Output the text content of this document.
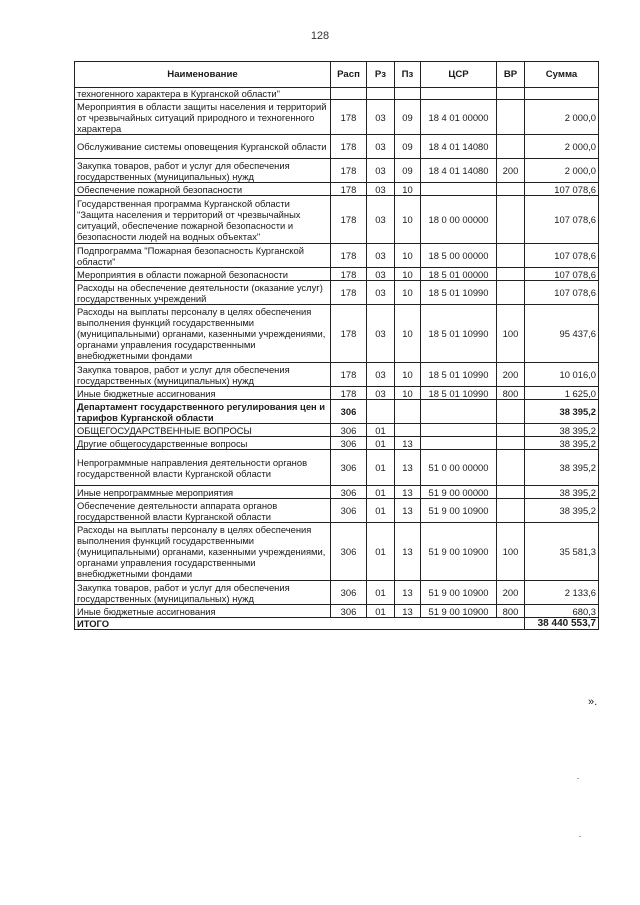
128
Наименование	Расп	Рз	Пз	ЦСР	ВР	Сумма
техногенного характера в Курганской области"						
Мероприятия в области защиты населения и территорий от чрезвычайных ситуаций природного и техногенного характера	178	03	09	18 4 01 00000		2 000,0
Обслуживание системы оповещения Курганской области	178	03	09	18 4 01 14080		2 000,0
Закупка товаров, работ и услуг для обеспечения государственных (муниципальных) нужд	178	03	09	18 4 01 14080	200	2 000,0
Обеспечение пожарной безопасности	178	03	10			107 078,6
Государственная программа Курганской области "Защита населения и территорий от чрезвычайных ситуаций, обеспечение пожарной безопасности и безопасности людей на водных объектах"	178	03	10	18 0 00 00000		107 078,6
Подпрограмма "Пожарная безопасность Курганской области"	178	03	10	18 5 00 00000		107 078,6
Мероприятия в области пожарной безопасности	178	03	10	18 5 01 00000		107 078,6
Расходы на обеспечение деятельности (оказание услуг) государственных учреждений	178	03	10	18 5 01 10990		107 078,6
Расходы на выплаты персоналу в целях обеспечения выполнения функций государственными (муниципальными) органами, казенными учреждениями, органами управления государственными внебюджетными фондами	178	03	10	18 5 01 10990	100	95 437,6
Закупка товаров, работ и услуг для обеспечения государственных (муниципальных) нужд	178	03	10	18 5 01 10990	200	10 016,0
Иные бюджетные ассигнования	178	03	10	18 5 01 10990	800	1 625,0
Департамент государственного регулирования цен и тарифов Курганской области	306					38 395,2
ОБЩЕГОСУДАРСТВЕННЫЕ ВОПРОСЫ	306	01				38 395,2
Другие общегосударственные вопросы	306	01	13			38 395,2
Непрограммные направления деятельности органов государственной власти Курганской области	306	01	13	51 0 00 00000		38 395,2
Иные непрограммные мероприятия	306	01	13	51 9 00 00000		38 395,2
Обеспечение деятельности аппарата органов государственной власти Курганской области	306	01	13	51 9 00 10900		38 395,2
Расходы на выплаты персоналу в целях обеспечения выполнения функций государственными (муниципальными) органами, казенными учреждениями, органами управления государственными внебюджетными фондами	306	01	13	51 9 00 10900	100	35 581,3
Закупка товаров, работ и услуг для обеспечения государственных (муниципальных) нужд	306	01	13	51 9 00 10900	200	2 133,6
Иные бюджетные ассигнования	306	01	13	51 9 00 10900	800	680,3
ИТОГО						38 440 553,7
».
